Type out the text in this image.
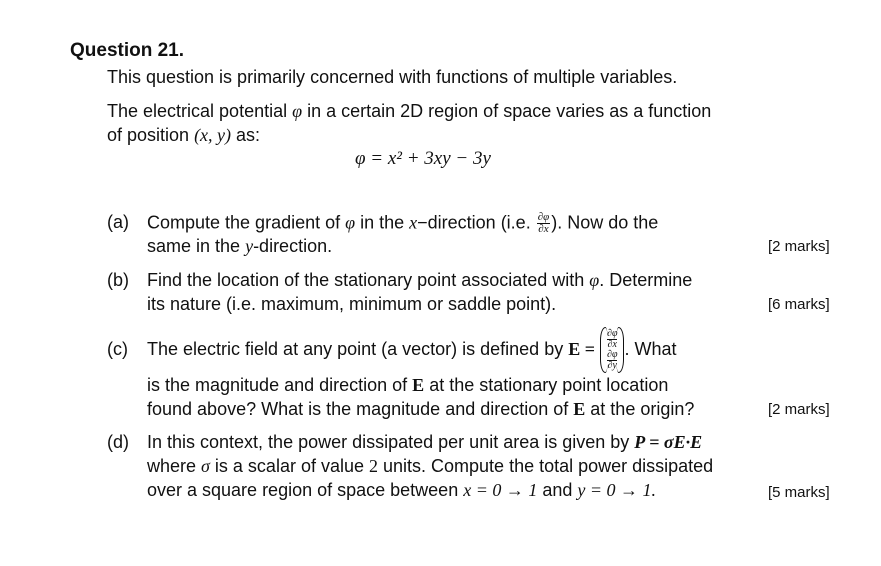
Question 21.
This question is primarily concerned with functions of multiple variables.
The electrical potential φ in a certain 2D region of space varies as a function
of position (x, y) as:
φ = x² + 3xy − 3y
(a) Compute the gradient of φ in the x−direction (i.e. $\frac{\partial\varphi}{\partial x}$ ). Now do the
same in the y-direction.	[2 marks]
(b) Find the location of the stationary point associated with φ. Determine
its nature (i.e. maximum, minimum or saddle point).	[6 marks]
(c) The electric field at any point (a vector) is defined by E =
∂φ
∂x
∂φ
∂y
. What
is the magnitude and direction of E at the stationary point location
found above? What is the magnitude and direction of E at the origin?	[2 marks]
(d) In this context, the power dissipated per unit area is given by P = σE·E
where σ is a scalar of value 2 units. Compute the total power dissipated
over a square region of space between x = 0 → 1 and y = 0 → 1.	[5 marks]
